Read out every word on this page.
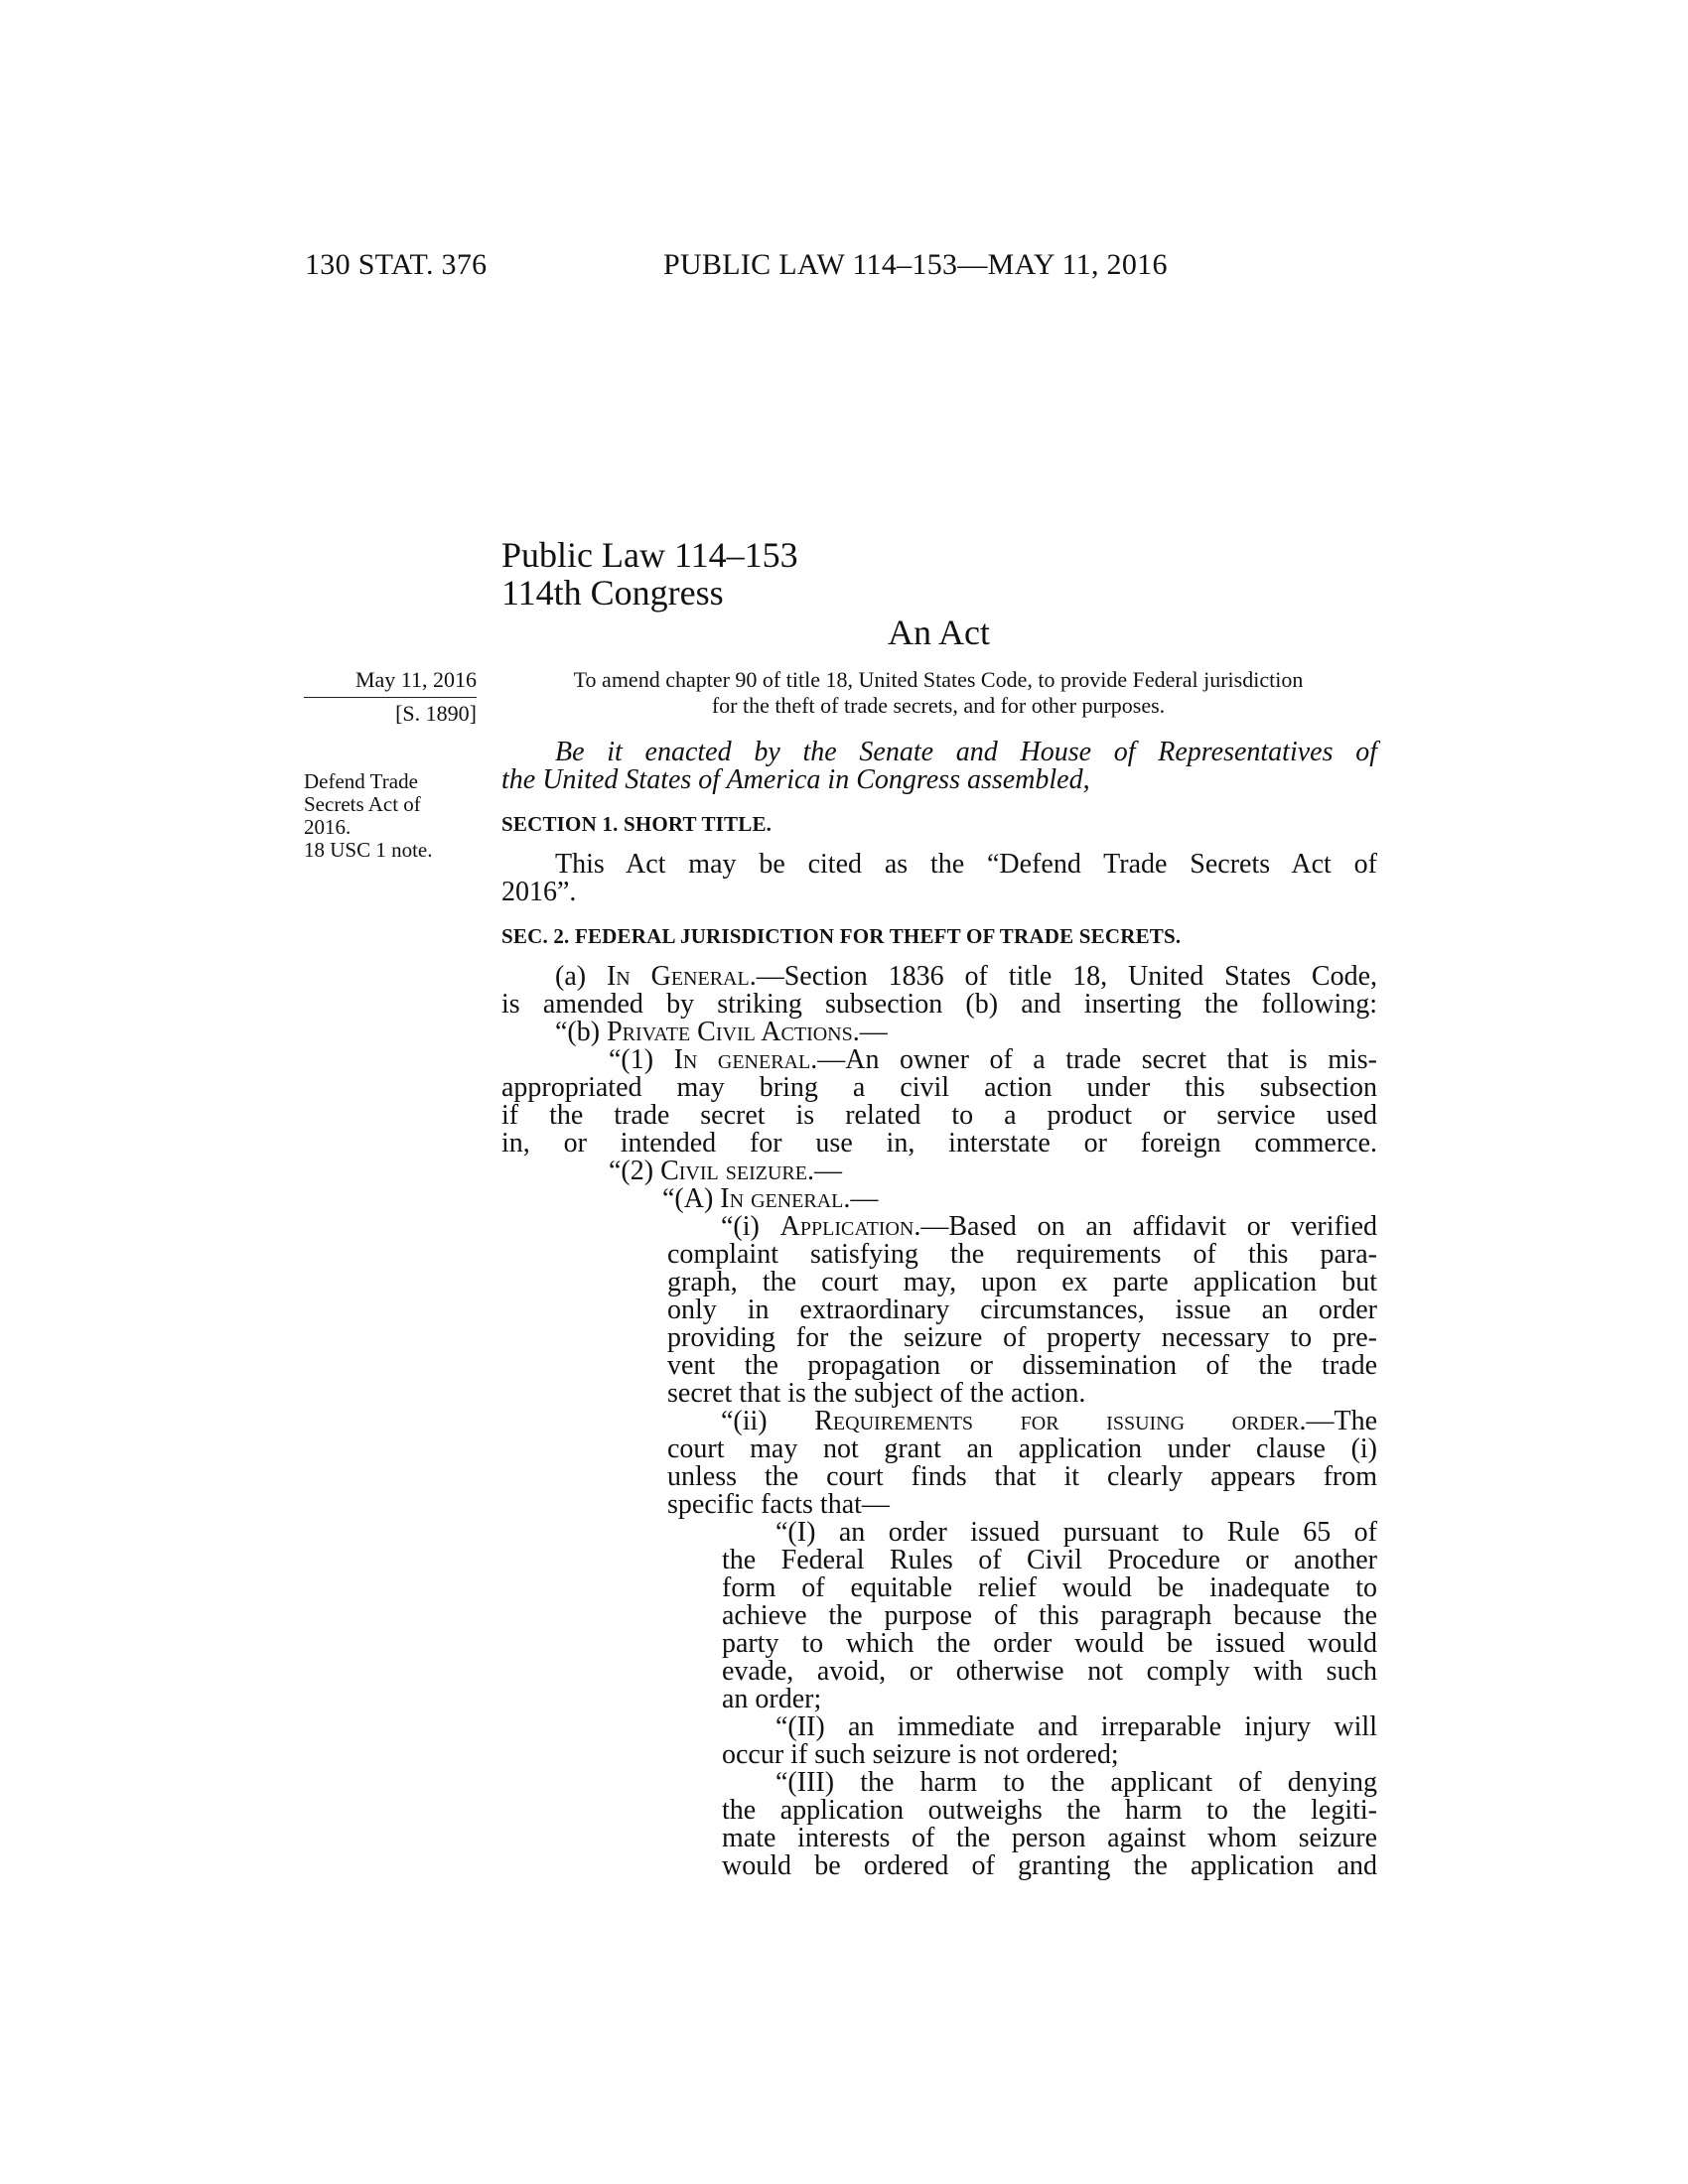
130 STAT. 376	PUBLIC LAW 114–153—MAY 11, 2016
Public Law 114–153
114th Congress
An Act
May 11, 2016
[S. 1890]
Defend Trade
Secrets Act of
2016.
18 USC 1 note.
To amend chapter 90 of title 18, United States Code, to provide Federal jurisdiction
for the theft of trade secrets, and for other purposes.
Be it enacted by the Senate and House of Representatives of
the United States of America in Congress assembled,
SECTION 1. SHORT TITLE.
This Act may be cited as the “Defend Trade Secrets Act of
2016”.
SEC. 2. FEDERAL JURISDICTION FOR THEFT OF TRADE SECRETS.
(a) In General.—Section 1836 of title 18, United States Code,
is amended by striking subsection (b) and inserting the following:
“(b) Private Civil Actions.—
“(1) In general.—An owner of a trade secret that is mis-
appropriated may bring a civil action under this subsection
if the trade secret is related to a product or service used
in, or intended for use in, interstate or foreign commerce.
“(2) Civil seizure.—
“(A) In general.—
“(i) Application.—Based on an affidavit or verified
complaint satisfying the requirements of this para-
graph, the court may, upon ex parte application but
only in extraordinary circumstances, issue an order
providing for the seizure of property necessary to pre-
vent the propagation or dissemination of the trade
secret that is the subject of the action.
“(ii) Requirements for issuing order.—The
court may not grant an application under clause (i)
unless the court finds that it clearly appears from
specific facts that—
“(I) an order issued pursuant to Rule 65 of
the Federal Rules of Civil Procedure or another
form of equitable relief would be inadequate to
achieve the purpose of this paragraph because the
party to which the order would be issued would
evade, avoid, or otherwise not comply with such
an order;
“(II) an immediate and irreparable injury will
occur if such seizure is not ordered;
“(III) the harm to the applicant of denying
the application outweighs the harm to the legiti-
mate interests of the person against whom seizure
would be ordered of granting the application and
